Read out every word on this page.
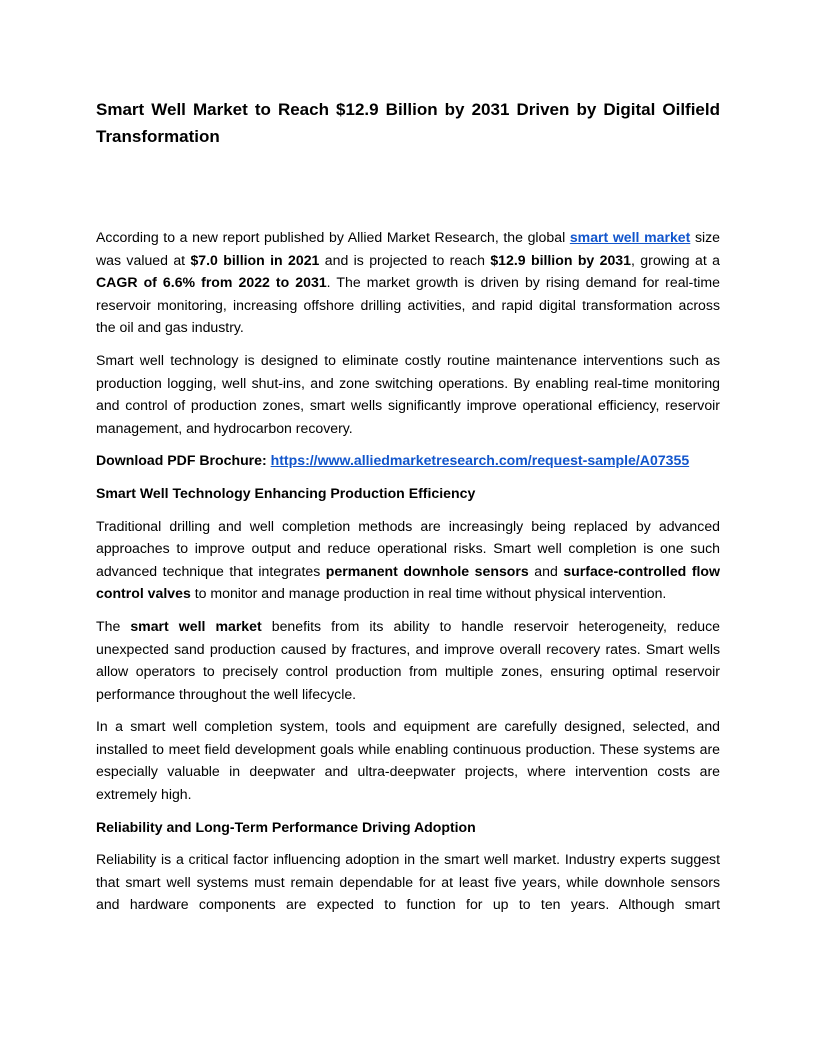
Smart Well Market to Reach $12.9 Billion by 2031 Driven by Digital Oilfield Transformation

According to a new report published by Allied Market Research, the global smart well market size was valued at $7.0 billion in 2021 and is projected to reach $12.9 billion by 2031, growing at a CAGR of 6.6% from 2022 to 2031. The market growth is driven by rising demand for real-time reservoir monitoring, increasing offshore drilling activities, and rapid digital transformation across the oil and gas industry.

Smart well technology is designed to eliminate costly routine maintenance interventions such as production logging, well shut-ins, and zone switching operations. By enabling real-time monitoring and control of production zones, smart wells significantly improve operational efficiency, reservoir management, and hydrocarbon recovery.

Download PDF Brochure: https://www.alliedmarketresearch.com/request-sample/A07355

Smart Well Technology Enhancing Production Efficiency

Traditional drilling and well completion methods are increasingly being replaced by advanced approaches to improve output and reduce operational risks. Smart well completion is one such advanced technique that integrates permanent downhole sensors and surface-controlled flow control valves to monitor and manage production in real time without physical intervention.

The smart well market benefits from its ability to handle reservoir heterogeneity, reduce unexpected sand production caused by fractures, and improve overall recovery rates. Smart wells allow operators to precisely control production from multiple zones, ensuring optimal reservoir performance throughout the well lifecycle.

In a smart well completion system, tools and equipment are carefully designed, selected, and installed to meet field development goals while enabling continuous production. These systems are especially valuable in deepwater and ultra-deepwater projects, where intervention costs are extremely high.

Reliability and Long-Term Performance Driving Adoption

Reliability is a critical factor influencing adoption in the smart well market. Industry experts suggest that smart well systems must remain dependable for at least five years, while downhole sensors and hardware components are expected to function for up to ten years. Although smart
